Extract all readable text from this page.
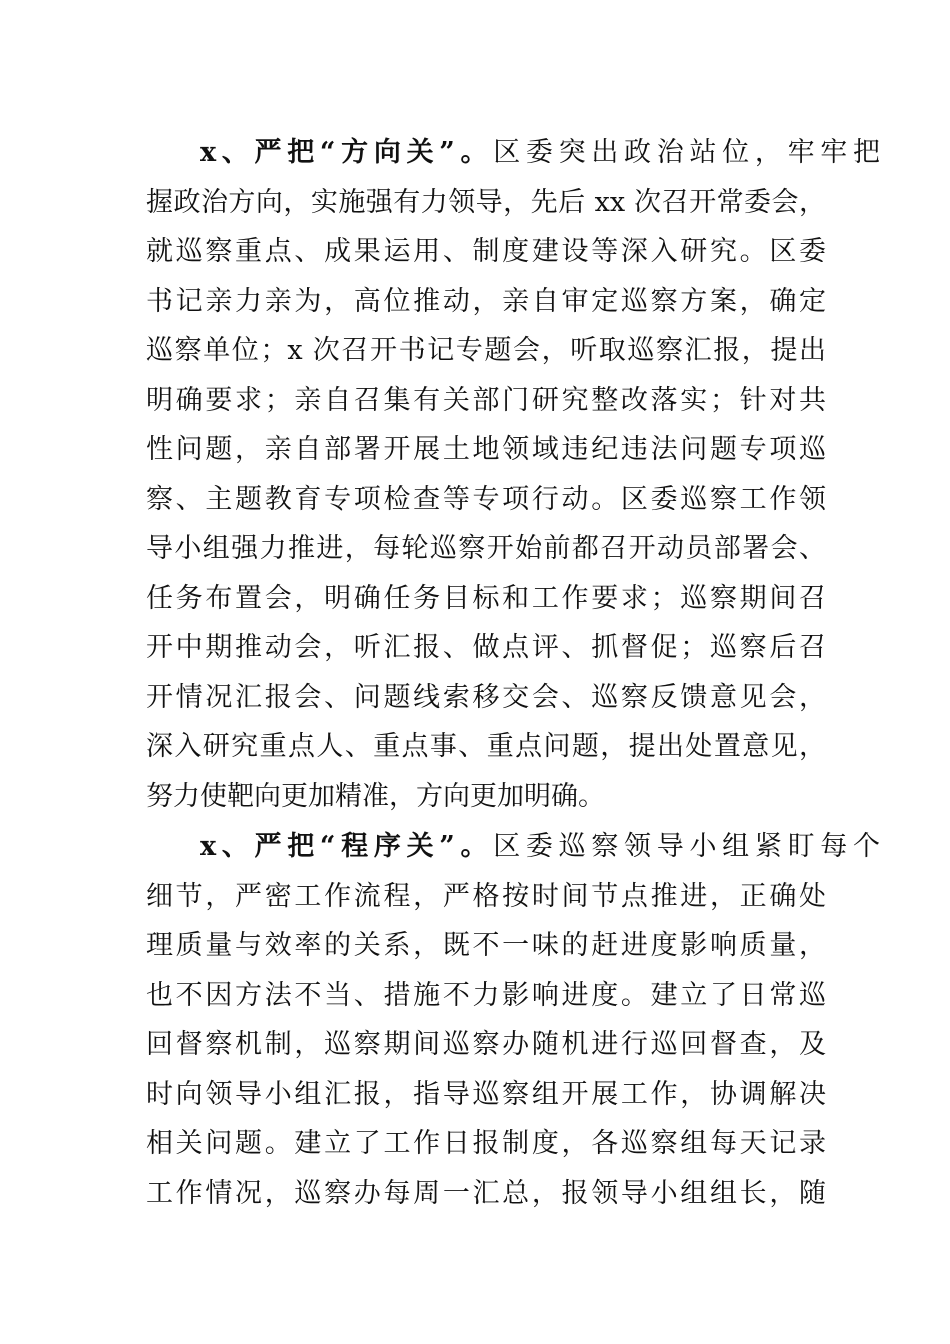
x、严把“方向关”。区委突出政治站位，牢牢把
握政治方向，实施强有力领导，先后 xx 次召开常委会，
就巡察重点、成果运用、制度建设等深入研究。区委
书记亲力亲为，高位推动，亲自审定巡察方案，确定
巡察单位；x 次召开书记专题会，听取巡察汇报，提出
明确要求；亲自召集有关部门研究整改落实；针对共
性问题，亲自部署开展土地领域违纪违法问题专项巡
察、主题教育专项检查等专项行动。区委巡察工作领
导小组强力推进，每轮巡察开始前都召开动员部署会、
任务布置会，明确任务目标和工作要求；巡察期间召
开中期推动会，听汇报、做点评、抓督促；巡察后召
开情况汇报会、问题线索移交会、巡察反馈意见会，
深入研究重点人、重点事、重点问题，提出处置意见，
努力使靶向更加精准，方向更加明确。
x、严把“程序关”。区委巡察领导小组紧盯每个
细节，严密工作流程，严格按时间节点推进，正确处
理质量与效率的关系，既不一味的赶进度影响质量，
也不因方法不当、措施不力影响进度。建立了日常巡
回督察机制，巡察期间巡察办随机进行巡回督查，及
时向领导小组汇报，指导巡察组开展工作，协调解决
相关问题。建立了工作日报制度，各巡察组每天记录
工作情况，巡察办每周一汇总，报领导小组组长，随
